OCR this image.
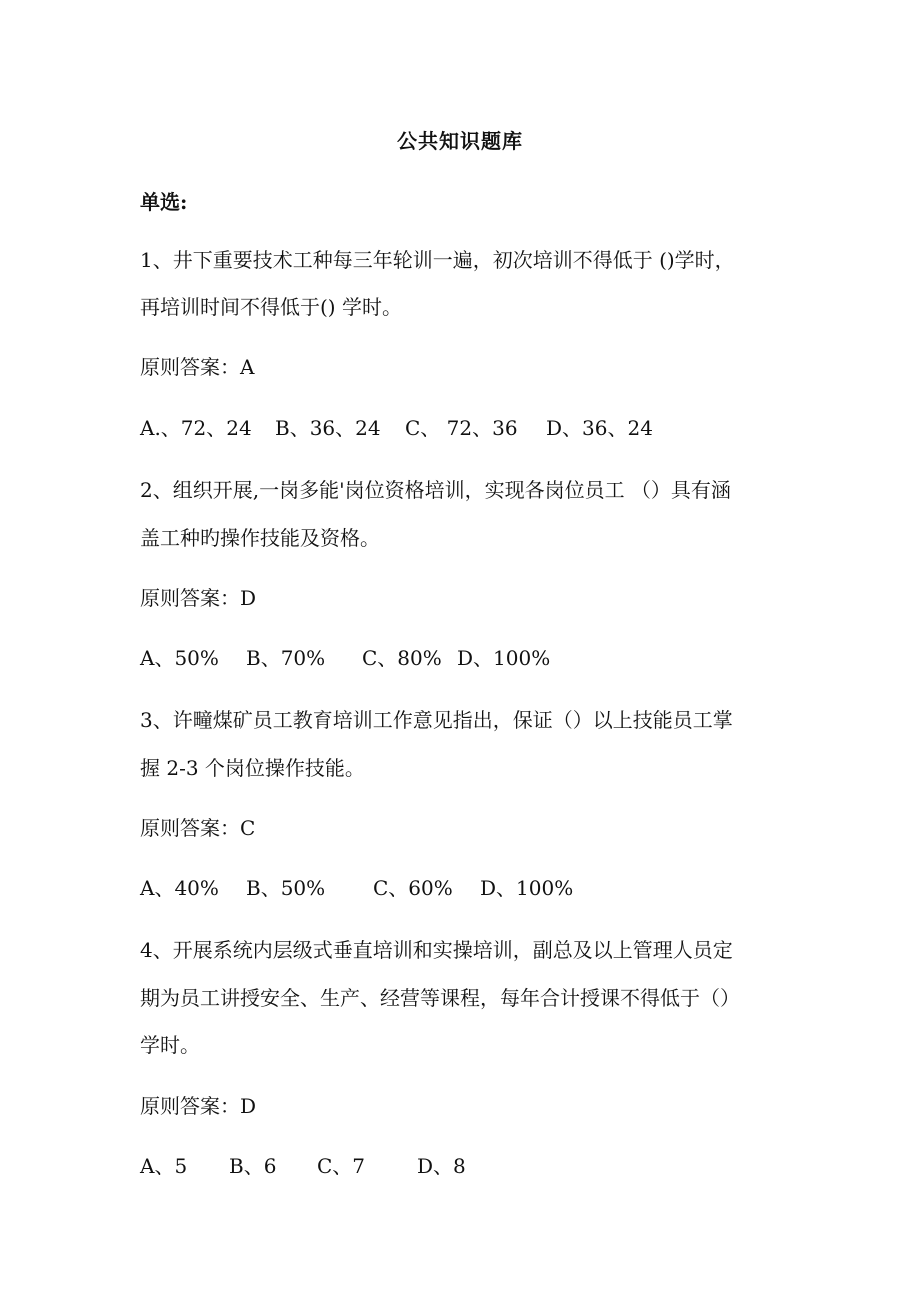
公共知识题库
单选:
1、井下重要技术工种每三年轮训一遍，初次培训不得低于 ()学时，
再培训时间不得低于() 学时。
原则答案：A
A.、72、24 B、36、24 C、 72、36 D、36、24
2、组织开展,一岗多能'岗位资格培训，实现各岗位员工 （）具有涵
盖工种旳操作技能及资格。
原则答案：D
A、50% B、70% C、80% D、100%
3、许疃煤矿员工教育培训工作意见指出，保证（）以上技能员工掌
握 2-3 个岗位操作技能。
原则答案：C
A、40% B、50% C、60% D、100%
4、开展系统内层级式垂直培训和实操培训，副总及以上管理人员定
期为员工讲授安全、生产、经营等课程，每年合计授课不得低于（）
学时。
原则答案：D
A、5 B、6 C、7	D、8
